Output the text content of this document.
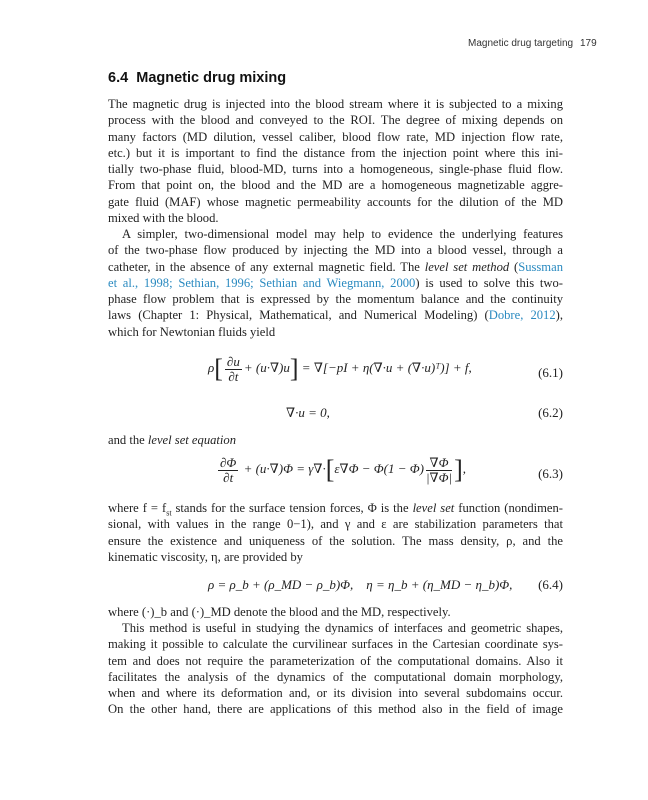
Magnetic drug targeting 179
6.4 Magnetic drug mixing
The magnetic drug is injected into the blood stream where it is subjected to a mixing
process with the blood and conveyed to the ROI. The degree of mixing depends on
many factors (MD dilution, vessel caliber, blood flow rate, MD injection flow rate,
etc.) but it is important to find the distance from the injection point where this ini-
tially two-phase fluid, blood-MD, turns into a homogeneous, single-phase fluid flow.
From that point on, the blood and the MD are a homogeneous magnetizable aggre-
gate fluid (MAF) whose magnetic permeability accounts for the dilution of the MD
mixed with the blood.
A simpler, two-dimensional model may help to evidence the underlying features
of the two-phase flow produced by injecting the MD into a blood vessel, through a
catheter, in the absence of any external magnetic field. The level set method (Sussman
et al., 1998; Sethian, 1996; Sethian and Wiegmann, 2000) is used to solve this two-
phase flow problem that is expressed by the momentum balance and the continuity
laws (Chapter 1: Physical, Mathematical, and Numerical Modeling) (Dobre, 2012),
which for Newtonian fluids yield
$\rho[ \frac{\partial u}{\partial t} + (u\cdot\nabla)u] = \nabla[-pI + \eta(\nabla\cdot u$ + (∇·u)ᵀ)] + f,	(6.1)
∇·u = 0,	(6.2)
and the level set equation
$\frac{\partial\Phi}{\partial t} + (u\cdot\nabla)\Phi = \gamma\nabla\cdot[\varepsilon\nabla\Phi - \Phi(1 - \Phi) \frac{\nabla\Phi}{|\nabla\Phi|}$ ],	(6.3)
where $f = f_{st}$ stands for the surface tension forces, Φ is the level set function (nondimen-
sional, with values in the range 0−1), and γ and ε are stabilization parameters that
ensure the existence and uniqueness of the solution. The mass density, ρ, and the
kinematic viscosity, η, are provided by
ρ = ρ_b + (ρ_MD − ρ_b)Φ,    η = η_b + (η_MD − η_b)Φ, (6.4)
where (·)_b and (·)_MD denote the blood and the MD, respectively.
This method is useful in studying the dynamics of interfaces and geometric shapes,
making it possible to calculate the curvilinear surfaces in the Cartesian coordinate sys-
tem and does not require the parameterization of the computational domains. Also it
facilitates the analysis of the dynamics of the computational domain morphology,
when and where its deformation and, or its division into several subdomains occur.
On the other hand, there are applications of this method also in the field of image
